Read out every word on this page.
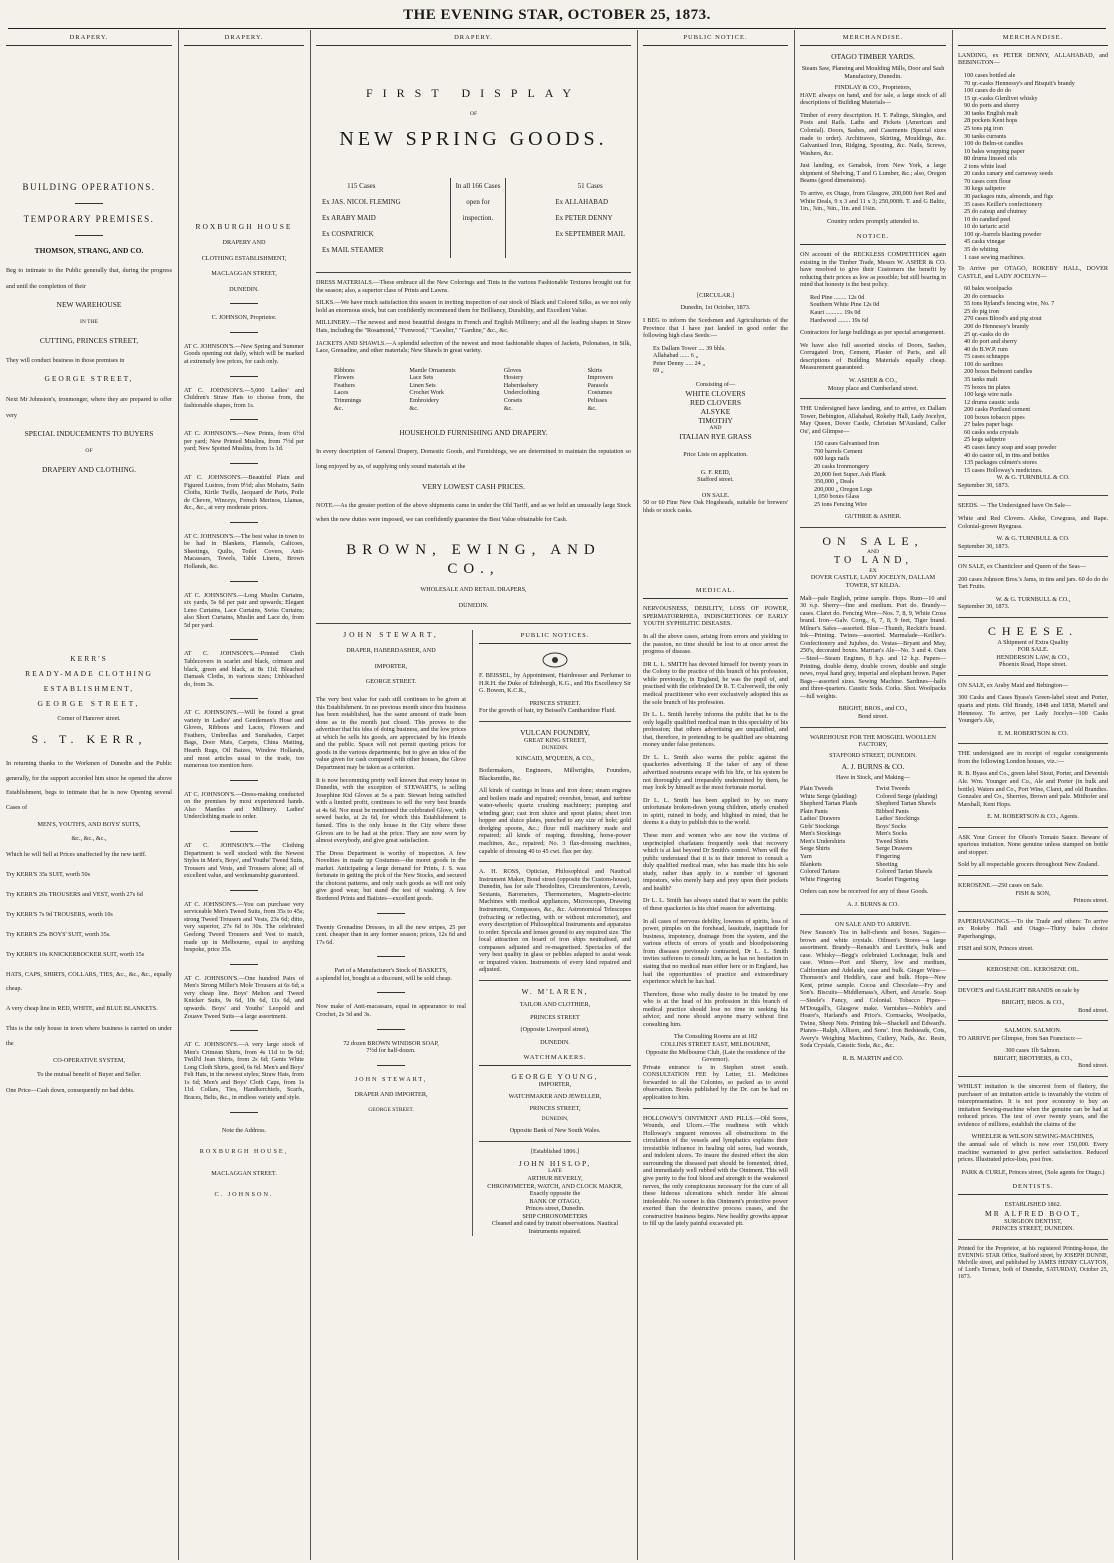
THE EVENING STAR, OCTOBER 25, 1873.
DRAPERY.
BUILDING OPERATIONS.
TEMPORARY PREMISES.
THOMSON, STRANG, AND CO.

Beg to intimate to the Public generally that, during the progress and until the completion of their

NEW WAREHOUSE
IN THE
CUTTING, PRINCES STREET,

They will conduct business in those premises in

GEORGE STREET,

Next Mr Johnston's, ironmonger, where they are prepared to offer very

SPECIAL INDUCEMENTS TO BUYERS
OF
DRAPERY AND CLOTHING.
KERR'S
READY-MADE CLOTHING
ESTABLISHMENT,
GEORGE STREET,
Corner of Hanover street.
S. T. KERR,

In returning thanks to the Workmen of Dunedin and the Public generally, for the support accorded him since he opened the above Establishment, begs to intimate that he is now Opening several Cases of

MEN'S, YOUTH'S, AND BOYS' SUITS,
&c., &c., &c.,

Which he will Sell at Prices unaffected by the new tariff.

Try KERR'S 35s SUIT, worth 50s

Try KERR'S 20s TROUSERS and VEST, worth 27s 6d

Try KERR'S 7s 9d TROUSERS, worth 10s

Try KERR'S 25s BOYS' SUIT, worth 35s.

Try KERR'S 10s KNICKERBOCKER SUIT, worth 15s

HATS, CAPS, SHIRTS, COLLARS, TIES, &c., &c., &c., equally cheap.

A very cheap line in RED, WHITE, and BLUE BLANKETS.

This is the only house in town where business is carried on under the

CO-OPERATIVE SYSTEM,
To the mutual benefit of Buyer and Seller.

One Price—Cash down, consequently no bad debts.

DRAPERY.
ROXBURGH HOUSE
DRAPERY AND
CLOTHING ESTABLISHMENT,
MACLAGGAN STREET,
DUNEDIN.
C. JOHNSON, Proprietor.

AT C. JOHNSON'S.—New Spring and Summer Goods opening out daily, which will be marked at extremely low prices, for cash only.

AT C. JOHNSON'S.—5,000 Ladies' and Children's Straw Hats to choose from, the fashionable shapes, from 1s.

AT C. JOHNSON'S.—New Prints, from 6½d per yard; New Printed Muslins, from 7½d per yard; New Spotted Muslins, from 1s 1d.

AT C. JOHNSON'S.—Beautiful Plain and Figured Lustres, from 9½d; also Mohairs, Satin Cloths, Kirtle Twills, Jacquard de Paris, Poile de Chevre, Winceys, French Merinos, Llamas, &c., &c., at very moderate prices.

AT C. JOHNSON'S.—The best value in town to be had in Blankets, Flannels, Calicoes, Sheetings, Quilts, Toilet Covers, Anti-Macassars, Towels, Table Linens, Brown Hollands, &c.

AT C. JOHNSON'S.—Long Muslin Curtains, six yards, 5s 6d per pair and upwards; Elegant Leno Curtains, Lace Curtains, Swiss Curtains; also Short Curtains, Muslin and Lace do, from 5d per yard.

AT C. JOHNSON'S.—Printed Cloth Tablecovers in scarlet and black, crimson and black, green and black, at 8s 11d; Bleached Damask Cloths, in various sizes; Unbleached do, from 3s.

AT C. JOHNSON'S.—Will be found a great variety in Ladies' and Gentlemen's Hose and Gloves, Ribbons and Laces, Flowers and Feathers, Umbrellas and Sunshades, Carpet Bags, Door Mats, Carpets, China Matting, Hearth Rugs, Oil Baizes, Window Hollands, and most articles usual to the trade, too numerous too mention here.

AT C. JOHNSON'S.—Dress-making conducted on the premises by most experienced hands. Also Mantles and Millinery. Ladies' Underclothing made to order.

AT C. JOHNSON'S.—The Clothing Department is well stocked with the Newest Styles in Men's, Boys', and Youths' Tweed Suits, Trousers and Vests, and Trousers alone; all of excellent value, and workmanship guaranteed.

AT C. JOHNSON'S.—You can purchase very serviceable Men's Tweed Suits, from 35s to 45s; strong Tweed Trousers and Vests, 23s 6d; ditto, very superior, 27s 6d to 30s. The celebrated Geelong Tweed Trousers and Vest to match, made up in Melbourne, equal to anything bespoke, price 35s.

AT C. JOHNSON'S.—One hundred Pairs of Men's Strong Miller's Mole Trousers at 6s 6d; a very cheap line. Boys' Melton and Tweed Knicker Suits, 9s 6d, 10s 6d, 11s 6d, and upwards. Boys' and Youths' Leopold and Zouave Tweed Suits—a large assortment.

AT C. JOHNSON'S.—A very large stock of Men's Crimean Shirts, from 4s 11d to 9s 6d; Twill'd Jean Shirts, from 2s 6d; Gents White Long Cloth Shirts, good, 6s 6d. Men's and Boys' Felt Hats, in the newest styles; Straw Hats, from 1s 6d; Men's and Boys' Cloth Caps, from 1s 11d. Collars, Ties, Handkerchiefs, Scarfs, Braces, Belts, &c., in endless variety and style.

Note the Address.
ROXBURGH HOUSE,
MACLAGGAN STREET.
C. JOHNSON.
DRAPERY.
FIRST DISPLAY
OF
NEW SPRING GOODS.
115 Cases
Ex JAS. NICOL FLEMING
Ex ARABY MAID
Ex COSPATRICK
Ex MAIL STEAMER
In all 166 Cases open for inspection.
51 Cases
Ex ALLAHABAD
Ex PETER DENNY
Ex SEPTEMBER MAIL

DRESS MATERIALS.—These embrace all the New Colorings and Tints in the various Fashionable Textures brought out for the season; also, a superior class of Prints and Lawns.

SILKS.—We have much satisfaction this season in inviting inspection of our stock of Black and Colored Silks, as we not only hold an enormous stock, but can confidently recommend them for Brilliancy, Durability, and Excellent Value.

MILLINERY.—The newest and most beautiful designs in French and English Millinery; and all the leading shapes in Straw Hats, including the "Rosamond," "Fenwood," "Cavalier," "Gardine," &c., &c.

JACKETS AND SHAWLS.—A splendid selection of the newest and most fashionable shapes of Jackets, Polonaises, in Silk, Lace, Grenadine, and other materials; New Shawls in great variety.

Ribbons
Flowers
Feathers
Laces
Trimmings
&c.
Mantle Ornaments
Lace Sets
Linen Sets
Crochet Work
Embroidery
&c.
Gloves
Hosiery
Haberdashery
Underclothing
Corsets
&c.
Skirts
Improvers
Parasols
Costumes
Pelisses
&c.
HOUSEHOLD FURNISHING AND DRAPERY.

In every description of General Drapery, Domestic Goods, and Furnishings, we are determined to maintain the reputation so long enjoyed by us, of supplying only sound materials at the

VERY LOWEST CASH PRICES.

NOTE.—As the greater portion of the above shipments came in under the Old Tariff, and as we held an unusually large Stock when the new duties were imposed, we can confidently guarantee the Best Value obtainable for Cash.

BROWN, EWING, AND CO.,
WHOLESALE AND RETAIL DRAPERS,
DUNEDIN.
JOHN STEWART,
DRAPER, HABERDASHER, AND
IMPORTER,
GEORGE STREET.

The very best value for cash still continues to be given at this Establishment. In no previous month since this business has been established, has the same amount of trade been done as in the month just closed. This proves to the advertiser that his idea of doing business, and the low prices at which he sells his goods, are appreciated by his friends and the public. Space will not permit quoting prices for goods in the various departments; but to give an idea of the value given for cash compared with other houses, the Glove Department may be taken as a criterion.

It is now becomming pretty well known that every house in Dunedin, with the exception of STEWART'S, is selling Josephine Kid Gloves at 5s a pair. Stewart being satisfied with a limited profit, continues to sell the very best brands at 4s 6d. Nor must be mentioned the celebrated Glove, with sewed backs, at 2s 6d, for which this Establishment is famed. This is the only house in the City where these Gloves are to be had at the price. They are now worn by almost everybody, and give great satisfaction.

The Dress Department is worthy of inspection. A few Novelties in made up Costumes—the moret goods in the market. Anticipating a large demand for Prints, J. S. was fortunate in getting the pick of the New Stocks, and secured the choicest patterns, and only such goods as will not only give good wear, but stand the test of washing. A few Bordered Prints and Batistes—excellent goods.

Twenty Grenadine Dresses, in all the new stripes, 25 per cent. cheaper than in any former season; prices, 12s 6d and 17s 6d.

Part of a Manufacturer's Stock of BASKETS,

a splendid lot, bought at a discount, will be sold cheap.

Now make of Anti-macassars, equal in appearance to real Crochet, 2s 3d and 3s.

72 dozen BROWN WINDSOR SOAP,
7½d for half-dozen.
JOHN STEWART,
DRAPER AND IMPORTER,
GEORGE STREET.
PUBLIC NOTICES.

F. BEISSEL, by Appointment, Hairdresser and Perfumer to H.R.H. the Duke of Edinburgh, K.G., and His Excellency Sir G. Bowen, K.C.R.,

PRINCES STREET.

For the growth of hair, try Beissel's Cantharidine Fluid.

VULCAN FOUNDRY,
GREAT KING STREET,
DUNEDIN.
KINCAID, M'QUEEN, & CO.,

Boilermakers, Engineers, Millwrights, Founders, Blacksmiths, &c.

All kinds of castings in brass and iron done; steam engines and boilers made and repaired; overshot, breast, and turbine water-wheels; quartz crushing machinery; pumping and winding gear; cast iron sluice and spout plates; sheet iron hopper and sluice plates, punched to any size of hole; gold dredging spoons, &c.; flour mill machinery made and repaired; all kinds of reaping, threshing, horse-power machines, &c., repaired; No. 3 flax-dressing machines, capable of dressing 40 to 45 cwt. flax per day.

A. H. ROSS, Optician, Philosophical and Nautical Instrument Maker, Bond street (opposite the Custom-house), Dunedin, has for sale Theodolites, Circumferentors, Levels, Sextants, Barometers, Thermometers, Magneto-electric Machines with medical appliances, Microscopes, Drawing Instruments, Compasses, &c., &c. Astronomical Telescopes (refracting or reflecting, with or without micrometer), and every description of Philosophical Instruments and apparatus to order. Specula and lenses ground to any required size. The local attraction on board of iron ships neutralised, and compasses adjusted and re-magnetised. Spectacles of the very best quality in glass or pebbles adapted to assist weak or impaired vision. Instruments of every kind repaired and adjusted.

W. M'LAREN,
TAILOR AND CLOTHIER,
PRINCES STREET
(Opposite Liverpool street),
DUNEDIN.
WATCHMAKERS.
GEORGE YOUNG,
IMPORTER,
WATCHMAKER AND JEWELLER,
PRINCES STREET,
DUNEDIN,
Opposite Bank of New South Wales.
[Established 1806.]
JOHN HISLOP,
LATE
ARTHUR BEVERLY,
CHRONOMETER, WATCH, AND CLOCK MAKER,
Exactly opposite the
BANK OF OTAGO,
Princes street, Dunedin.
SHIP CHRONOMETERS
Cleaned and rated by transit observations. Nautical Instruments repaired.
PUBLIC NOTICE.
[CIRCULAR.]
Dunedin, 1st October, 1873.

I BEG to inform the Scedsmen and Agriculturists of the Province that I have just landed in good order the following high class Seeds:—

Ex Dallam Tower .... 39 bhls.
Allahabad ...... 6 „
Peter Denny ..... 24 „
69 „
Consisting of—
WHITE CLOVERS
RED CLOVERS
ALSYKE
TIMOTHY
AND
ITALIAN RYE GRASS
Price Lists on application.
G. F. REID,
Stafford street.
ON SALE.

50 or 60 Fine New Oak Hogsheads, suitable for brewers' hhds or stock casks.

MEDICAL.

NERVOUSNESS, DEBILITY, LOSS OF POWER, SPERMATORRHŒA, INDISCRETIONS OF EARLY YOUTH SYPHILITIC DISEASES.

In all the above cases, arising from errors and yielding to the passion, no time should be lost to at once arrest the progress of disease.

DR L. L. SMITH has devoted himself for twenty years in the Colony to the practice of this branch of his profession, while previously, in England, he was the pupil of, and practised with the celebrated Dr R. T. Culverwell, the only medical practitioner who ever exclusively adopted this as the sole branch of his profession.

Dr L. L. Smith hereby informs the public that he is the only legally qualified medical man in this speciality of his profession; that others advertising are unqualified, and that, therefore, in pretending to be qualified are obtaining money under false pretences.

Dr L. L. Smith also warns the public against the quackeries advertising. If the taker of any of these advertised nostrums escape with his life, or his system be not thoroughly and irreparably undermined by them, he may look by himself as the most fortunate mortal.

Dr L. L. Smith has been applied to by so many unfortunate broken-down young children, utterly crushed in spirit, ruined in body, and blighted in mind, that he deems it a duty to publish this to the world.

These men and women who are now the victims of unprincipled charlatans frequently seek that recovery which is at last beyond Dr Smith's control. When will the public understand that it is to their interest to consult a duly qualified medical man, who has made this his sole study, rather than apply to a number of ignorant impostors, who merely harp and prey upon their pockets and health?

Dr L. L. Smith has always stated that to warn the public of these quackeries is his chief reason for advertising.

In all cases of nervous debility, lowness of spirits, loss of power, pimples on the forehead, lassitude, inaptitude for business, impotency, drainage from the system, and the various effects of errors of youth and bloodpoisoning from diseases previously contracted, Dr L. L. Smith invites sufferers to consult him, as he has no hesitation in stating that no medical man either here or in England, has had the opportunities of practice and extraordinary experience which he has had.

Therefore, those who really desire to be treated by one who is at the head of his profession in this branch of medical practice should lose no time in seeking his advice; and none should anyone marry without first consulting him.

The Consulting Rooms are at 182
COLLINS STREET EAST, MELBOURNE,
Opposite the Melbourne Club, (Late the residence of the Governor).

Private entrance is in Stephen street south. CONSULTATION FEE by Letter, £1. Medicines forwarded to all the Colonies, so packed as to avoid observation. Books published by the Dr. can be had on application to him.

HOLLOWAY'S OINTMENT AND PILLS.—Old Sores, Wounds, and Ulcers.—The readiness with which Holloway's unguent removes all obstructions in the circulation of the vessels and lymphatics explains their irresistible influence in healing old sores, bad wounds, and indolent ulcers. To insure the desired effect the skin surrounding the diseased part should be fomented, dried, and immediately well rubbed with the Ointment. This will give purity to the foul blood and strength to the weakened nerves, the only conspicuous necessary for the cure of all these hideous ulcerations which render life almost intolerable. No sooner is this Ointment's protective power exerted than the destructive process ceases, and the constructive business begins. New healthy growths appear to fill up the lately painful excavated pit.

MERCHANDISE.
OTAGO TIMBER YARDS.
Steam Saw, Planeing and Moulding Mills, Door and Sash Manufactory, Dunedin.
FINDLAY & CO., Proprietors,

HAVE always on hand, and for sale, a large stock of all descriptions of Building Materials—

Timber of every description. H. T. Palings, Shingles, and Posts and Rails. Laths and Pickets (American and Colonial). Doors, Sashes, and Casements (Special sizes made to order). Architraves, Skirting, Mouldings, &c. Galvanised Iron, Ridging, Spouting, &c. Nails, Screws, Washers, &c.

Just landing, ex Genabok, from New York, a large shipment of Shelving, T and G Lumber, &c.; also, Oregon Beams (good dimensions).

To arrive, ex Otago, from Glasgow, 200,000 feet Red and White Deals, 9 x 3 and 11 x 3; 250,000ft. T. and G Baltic, 1in., ⅞in., ⅝in., 1in. and 1⅛in.

Country orders promptly attended to.
NOTICE.

ON account of the RECKLESS COMPETITION again existing in the Timber Trade, Messrs W. ASHER & CO. have resolved to give their Customers the benefit by reducing their prices as low as possible; but still bearing in mind that honesty is the best policy.

Red Pine ........ 12s 0d
Southern White Pine 12s 0d
Kauri ........... 19s 0d
Hardwood ........ 19s 6d

Contractors for large buildings as per special arrangement.

We have also full assorted stocks of Doors, Sashes, Corrugated Iron, Cement, Plaster of Paris, and all descriptions of Building Materials equally cheap. Measurement guaranteed.

W. ASHER & CO.,
Moray place and Cumberland street.

THE Undersigned have landing, and to arrive, ex Dallam Tower, Bebington, Allahabad, Rokeby Hall, Lady Jocelyn, May Queen, Dover Castle, Christian M'Ausland, Caller Ou', and Glimpse—

150 cases Galvanised Iron
700 barrels Cement
600 kegs nails
20 casks Ironmongery
20,000 feet Super. Ash Plank
350,000 „ Deals
200,000 „ Oregon Logs
1,050 boxes Glass
25 tons Fencing Wire
GUTHRIE & ASHER.
ON SALE,
AND
TO LAND,
EX
DOVER CASTLE, LADY JOCELYN, DALLAM TOWER, ST KILDA.

Malt—pale English, prime sample. Hops. Rum—10 and 30 o.p. Sherry—fine and medium. Port do. Brandy—cases. Claret do. Fencing Wire—Nos. 7, 8, 9, White Cross brand. Iron—Galv. Corrg., 6, 7, 8, 9 feet, Tiger brand. Milner's Safes—assorted. Blue—Thumb, Reckitt's brand. Ink—Printing. Twines—assorted. Marmalade—Keiller's. Confectionery and Jujubes, do. Vestas—Bryant and May, 250's, decorated boxes. Marrian's Ale—No. 3 and 4. Oars—Steel—Steam Engines, 8 h.p. and 12 h.p. Papers—Printing, double demy, double crown, double and single news, royal hand grey, imperial and elephant brown. Paper Bags—assorted sizes. Sewing Machine. Sardines—halfs and three-quarters. Caustic Soda. Corks. Shot. Woolpacks—full weights.

BRIGHT, BROS., and CO.,
Bond street.
WAREHOUSE FOR THE MOSGIEL WOOLLEN FACTORY,
STAFFORD STREET, DUNEDIN.
A. J. BURNS & CO.
Have in Stock, and Making—
Plain Tweeds
White Serge (plaiding)
Shepherd Tartan Plaids
Plain Pants
Ladies' Drawers
Girls' Stockings
Men's Stockings
Men's Undershirts
Serge Shirts
Yarn
Blankets
Colored Tartans
White Fingering
Twist Tweeds
Colored Serge (plaiding)
Shepherd Tartan Shawls
Bibbed Pants
Ladies' Stockings
Boys' Socks
Men's Socks
Tweed Shirts
Serge Drawers
Fingering
Sheeting
Colored Tartan Shawls
Scarlet Fingering

Orders can now be received for any of these Goods.

A. J. BURNS & CO.
ON SALE AND TO ARRIVE.

New Season's Tea in half-chests and boxes. Sugars—brown and white crystals. Oilmen's Stores—a large assortment. Brandy—Renault's and Levitte's, bulk and case. Whisky—Begg's celebrated Lochnagar, bulk and case. Wines—Port and Sherry, low and medium, Californian and Adelaide, case and bulk. Ginger Wine—Thomson's and Heddle's, case and bulk. Hops—New Kent, prime sample. Cocoa and Chocolate—Fry and Son's. Biscuits—Middlemass's, Albert, and Arrarle. Soap—Steele's Fancy, and Colonial. Tobacco Pipes—M'Dougall's, Glasgow make. Varnishes—Noble's and Hoare's, Harland's and Price's. Cornsacks, Woolpacks, Twine, Sheep Nets. Printing Ink—Shackell and Edward's. Pianos—Ralph, Allison, and Sons'. Iron Bedsteads, Cots, Avery's Weighing Machines, Cutlery, Nails, &c. Resin, Soda Crystals, Caustic Soda, &c., &c.

R. B. MARTIN and CO.
MERCHANDISE.

LANDING, ex PETER DENNY, ALLAHABAD, and BEBINGTON—

100 cases bottled ale
70 qr.-casks Hennessy's and Bisquit's brandy
100 cases do do do
15 qr.-casks Glenlivet whisky
90 do ports and sherry
30 tanks English malt
28 pockets Kent hops
25 tons pig iron
30 tanks currants
100 do Belm-ot candles
10 bales wrapping paper
80 drums linseed oils
2 tons white lead
20 casks canary and carraway seeds
70 cases corn flour
30 kegs saltpetre
30 packages nuts, almonds, and figs
35 cases Keiller's confectionery
25 do catsup and chutney
10 do candied peel
10 do tartaric acid
100 qr.-barrels blasting powder
45 casks vinegar
35 do whiting
1 case sewing machines.

To Arrive per OTAGO, ROKEBY HALL, DOVER CASTLE, and LADY JOCELYN—

60 bales woolpacks
20 do cornsacks
55 tons Ryland's fencing wire, No. 7
25 do pig iron
270 cases Blood's and pig stout
200 do Hennessy's brandy
25 qr.-casks do do
40 do port and sherry
40 do B.W.P. rum
75 cases schnapps
100 do sardines
200 boxes Belmont candles
35 tanks malt
75 boxes tin plates
100 kegs wire nails
12 drums caustic soda
200 casks Portland cement
100 boxes tobacco pipes
27 bales paper bags
60 casks soda crystals
25 kegs saltpetre
45 cases fancy soap and soap powder
40 do castor oil, in tins and bottles
135 packages colmen's stores
15 cases Holloway's medicines.
W. & G. TURNBULL & CO.
September 30, 1873.

SEEDS. — The Undersigned have On Sale—

White and Red Clovers. Alsike, Cowgrass, and Rape. Colonial-grown Ryegrass.

W. & G. TURNBULL & CO.
September 30, 1873.

ON SALE, ex Chanticleer and Queen of the Seas—

200 cases Johnson Bros.'s Jams, in tins and jars. 60 do do do Tart Fruits.

W. & G. TURNBULL & CO.,
September 30, 1873.
CHEESE.
A Shipment of Extra Quality
FOR SALE.
HENDERSON LAW, & CO.,
Phoenix Road, Hope street.

ON SALE, ex Araby Maid and Bebington—

300 Casks and Cases Byass's Green-label stout and Porter, quarts and pints. Old Brandy, 1848 and 1858, Martell and Hennessy. To arrive, per Lady Jocelyn—100 Casks Younger's Ale,

E. M. ROBERTSON & CO.

THE undersigned are in receipt of regular consignments from the following London houses, viz.:—

R. B. Byass and Co., green label Stout, Porter, and Devenish Ale. Wm. Younger and Co., Ale and Porter (in bulk and bottle). Waters and Co., Port Wine, Claret, and old Brandies. Gonzalez and Co., Sherries, Brown and pale. Mitthofer and Marshall, Kent Hops.

E. M. ROBERTSON & CO., Agents.

ASK Your Grocer for Olson's Tomato Sauce. Beware of spurious imitation. None genuine unless stamped on bottle and stopper.

Sold by all respectable grocers throughout New Zealand.

KEROSENE.—250 cases on Sale.
FISH & SON,
Princes street.

PAPERHANGINGS.—To the Trade and others: To arrive ex Rokeby Hall and Otago—Thirty bales choice Paperhangings,

FISH and SON, Princes street.
KEROSENE OIL. KEROSENE OIL.

DEVOE'S and GASLIGHT BRANDS on sale by

BRIGHT, BROS. & CO.,
Bond street.
SALMON. SALMON.

TO ARRIVE per Glimpse, from San Francisco:—

300 cases 1lb Salmon.
BRIGHT, BROTHERS, & CO.,
Bond street.

WHILST imitation is the sincerest form of flattery, the purchaser of an imitation article is invariably the victim of misrepresentation. It is not poor economy to buy an imitation Sewing-machine when the genuine can be had at reduced prices. The test of over twenty years, and the evidence of millions, establish the claims of the

WHEELER & WILSON SEWING-MACHINES,

the annual sale of which is now over 150,000. Every machine warranted to give perfect satisfaction. Reduced prices. Illustrated price-lists, post free.

PARK & CURLE, Princes street, (Sole agents for Otago.)
DENTISTS.
ESTABLISHED 1862.
MR ALFRED BOOT,
SURGEON DENTIST,
PRINCES STREET, DUNEDIN.

Printed for the Proprietor, at his registered Printing-house, the EVENING STAR Office, Stafford street, by JOSEPH DUNNE, Melville street, and published by JAMES HENRY CLAYTON, of Lord's Terrace, both of Dunedin, SATURDAY, October 25, 1873.
